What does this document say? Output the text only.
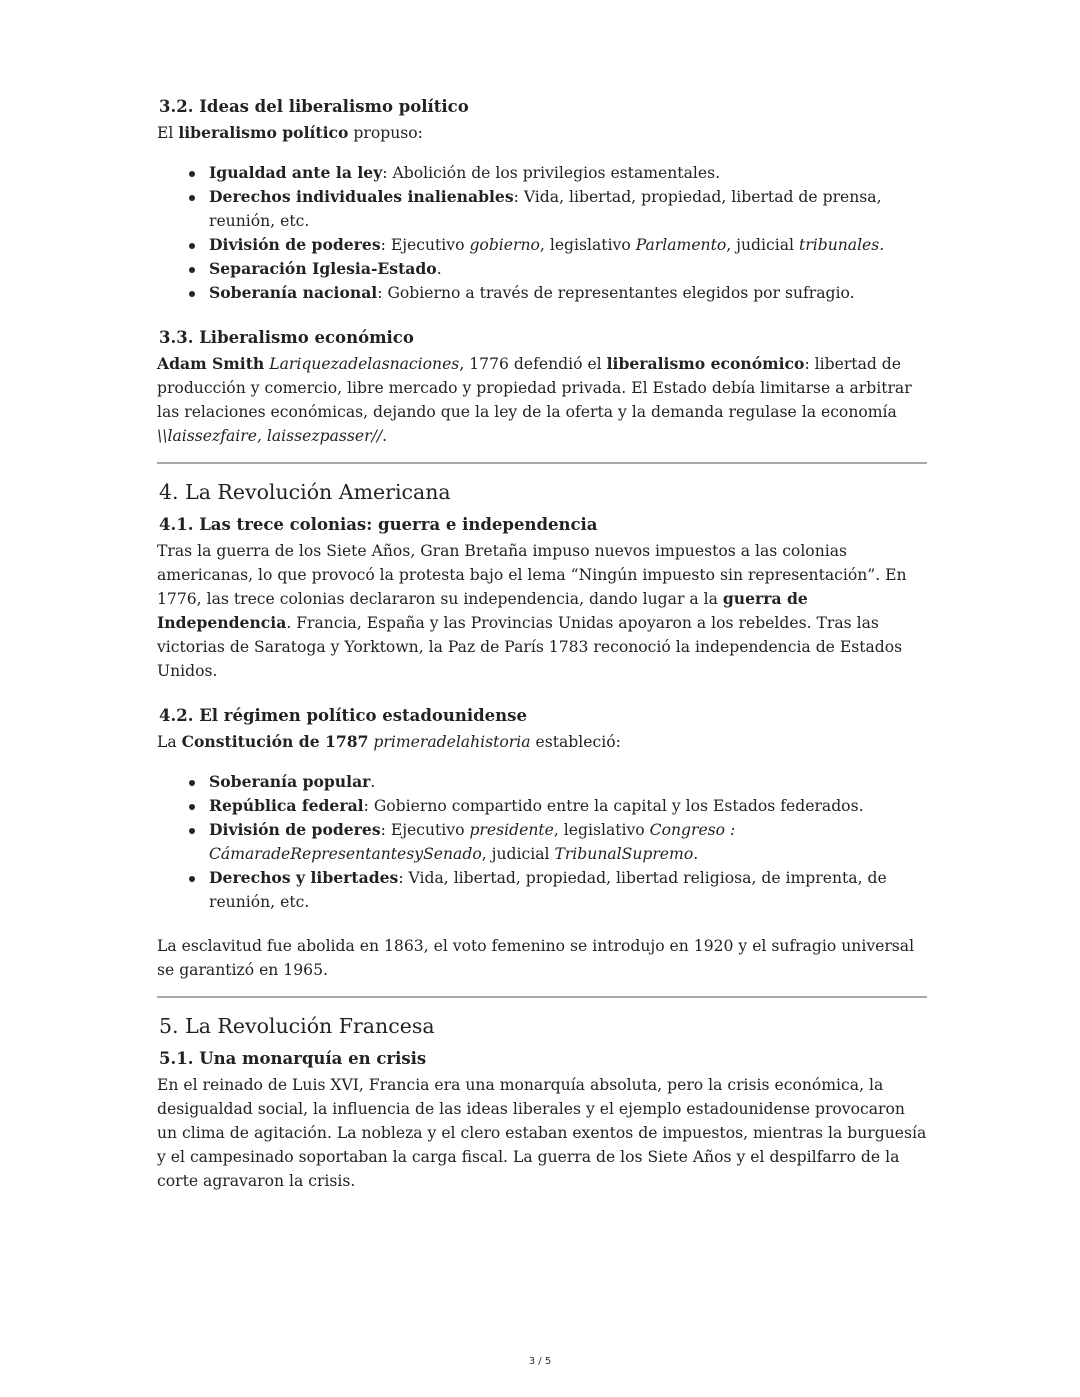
3.2. Ideas del liberalismo político

El liberalismo político propuso:

Igualdad ante la ley: Abolición de los privilegios estamentales.
Derechos individuales inalienables: Vida, libertad, propiedad, libertad de prensa, reunión, etc.
División de poderes: Ejecutivo gobierno, legislativo Parlamento, judicial tribunales.
Separación Iglesia-Estado.
Soberanía nacional: Gobierno a través de representantes elegidos por sufragio.
3.3. Liberalismo económico

Adam Smith Lariquezadelasnaciones, 1776 defendió el liberalismo económico: libertad de producción y comercio, libre mercado y propiedad privada. El Estado debía limitarse a arbitrar las relaciones económicas, dejando que la ley de la oferta y la demanda regulase la economía \\laissezfaire, laissezpasser//.

4. La Revolución Americana
4.1. Las trece colonias: guerra e independencia

Tras la guerra de los Siete Años, Gran Bretaña impuso nuevos impuestos a las colonias americanas, lo que provocó la protesta bajo el lema “Ningún impuesto sin representación”. En 1776, las trece colonias declararon su independencia, dando lugar a la guerra de Independencia. Francia, España y las Provincias Unidas apoyaron a los rebeldes. Tras las victorias de Saratoga y Yorktown, la Paz de París 1783 reconoció la independencia de Estados Unidos.

4.2. El régimen político estadounidense

La Constitución de 1787 primeradelahistoria estableció:

Soberanía popular.
República federal: Gobierno compartido entre la capital y los Estados federados.
División de poderes: Ejecutivo presidente, legislativo Congreso : CámaradeRepresentantesySenado, judicial TribunalSupremo.
Derechos y libertades: Vida, libertad, propiedad, libertad religiosa, de imprenta, de reunión, etc.

La esclavitud fue abolida en 1863, el voto femenino se introdujo en 1920 y el sufragio universal se garantizó en 1965.

5. La Revolución Francesa
5.1. Una monarquía en crisis

En el reinado de Luis XVI, Francia era una monarquía absoluta, pero la crisis económica, la desigualdad social, la influencia de las ideas liberales y el ejemplo estadounidense provocaron un clima de agitación. La nobleza y el clero estaban exentos de impuestos, mientras la burguesía y el campesinado soportaban la carga fiscal. La guerra de los Siete Años y el despilfarro de la corte agravaron la crisis.

3 / 5
